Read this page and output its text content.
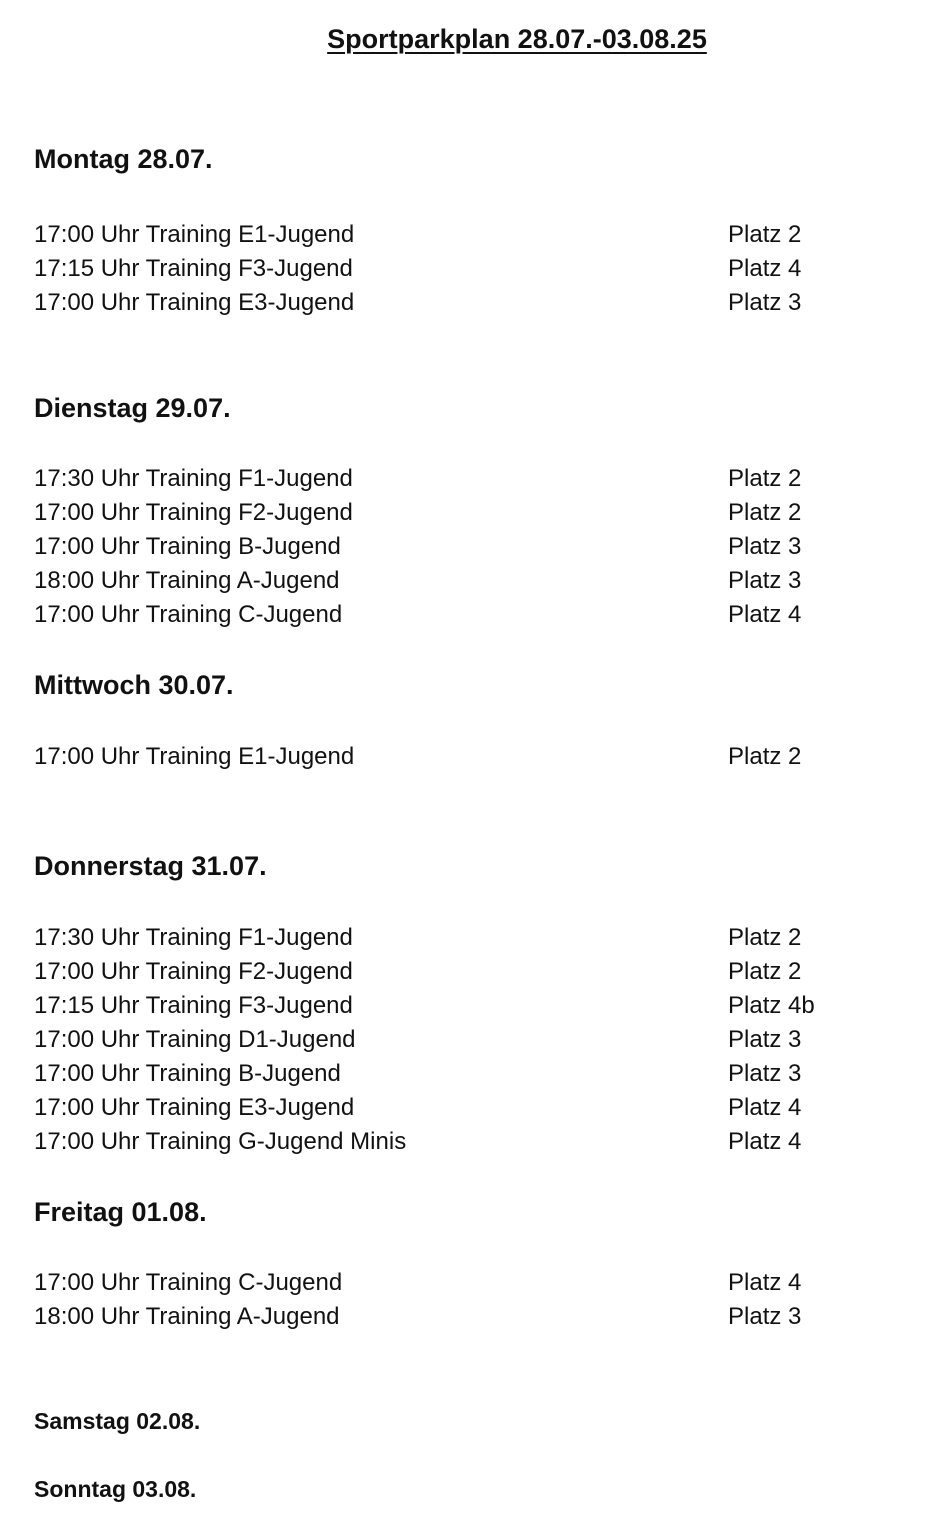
Sportparkplan 28.07.-03.08.25
Montag 28.07.
17:00 Uhr Training E1-Jugend	Platz 2
17:15 Uhr Training F3-Jugend	Platz 4
17:00 Uhr Training E3-Jugend	Platz 3
Dienstag 29.07.
17:30 Uhr Training F1-Jugend	Platz 2
17:00 Uhr Training F2-Jugend	Platz 2
17:00 Uhr Training B-Jugend	Platz 3
18:00 Uhr Training A-Jugend	Platz 3
17:00 Uhr Training C-Jugend	Platz 4
Mittwoch 30.07.
17:00 Uhr Training E1-Jugend	Platz 2
Donnerstag 31.07.
17:30 Uhr Training F1-Jugend	Platz 2
17:00 Uhr Training F2-Jugend	Platz 2
17:15 Uhr Training F3-Jugend	Platz 4b
17:00 Uhr Training D1-Jugend	Platz 3
17:00 Uhr Training B-Jugend	Platz 3
17:00 Uhr Training E3-Jugend	Platz 4
17:00 Uhr Training G-Jugend Minis	Platz 4
Freitag 01.08.
17:00 Uhr Training C-Jugend	Platz 4
18:00 Uhr Training A-Jugend	Platz 3
Samstag 02.08.
Sonntag 03.08.
